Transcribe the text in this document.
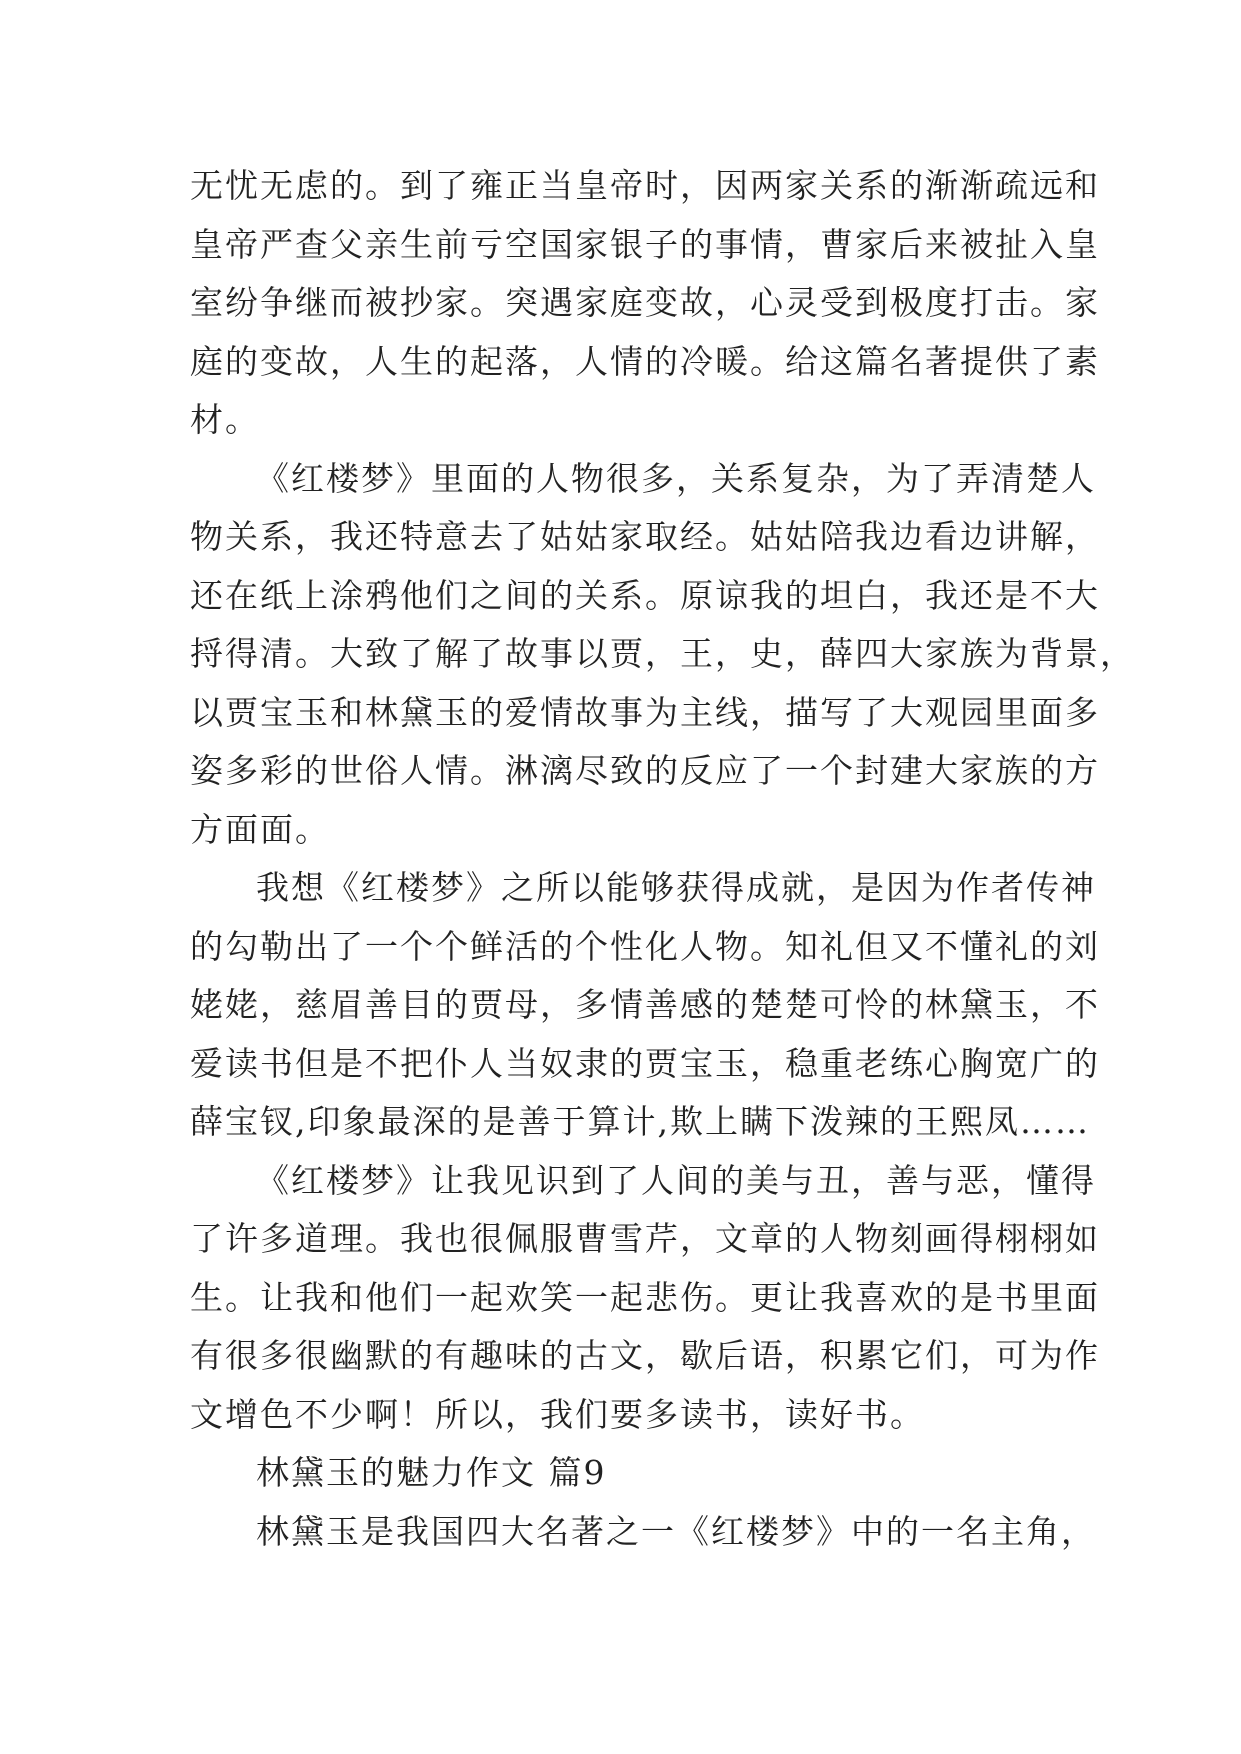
无忧无虑的。到了雍正当皇帝时，因两家关系的渐渐疏远和
皇帝严查父亲生前亏空国家银子的事情，曹家后来被扯入皇
室纷争继而被抄家。突遇家庭变故，心灵受到极度打击。家
庭的变故，人生的起落，人情的冷暖。给这篇名著提供了素
材。
《红楼梦》里面的人物很多，关系复杂，为了弄清楚人
物关系，我还特意去了姑姑家取经。姑姑陪我边看边讲解，
还在纸上涂鸦他们之间的关系。原谅我的坦白，我还是不大
捋得清。大致了解了故事以贾，王，史，薛四大家族为背景，
以贾宝玉和林黛玉的爱情故事为主线，描写了大观园里面多
姿多彩的世俗人情。淋漓尽致的反应了一个封建大家族的方
方面面。
我想《红楼梦》之所以能够获得成就，是因为作者传神
的勾勒出了一个个鲜活的个性化人物。知礼但又不懂礼的刘
姥姥，慈眉善目的贾母，多情善感的楚楚可怜的林黛玉，不
爱读书但是不把仆人当奴隶的贾宝玉，稳重老练心胸宽广的
薛宝钗,印象最深的是善于算计,欺上瞒下泼辣的王熙凤……
《红楼梦》让我见识到了人间的美与丑，善与恶，懂得
了许多道理。我也很佩服曹雪芹，文章的人物刻画得栩栩如
生。让我和他们一起欢笑一起悲伤。更让我喜欢的是书里面
有很多很幽默的有趣味的古文，歇后语，积累它们，可为作
文增色不少啊！所以，我们要多读书，读好书。
林黛玉的魅力作文 篇9
林黛玉是我国四大名著之一《红楼梦》中的一名主角，
